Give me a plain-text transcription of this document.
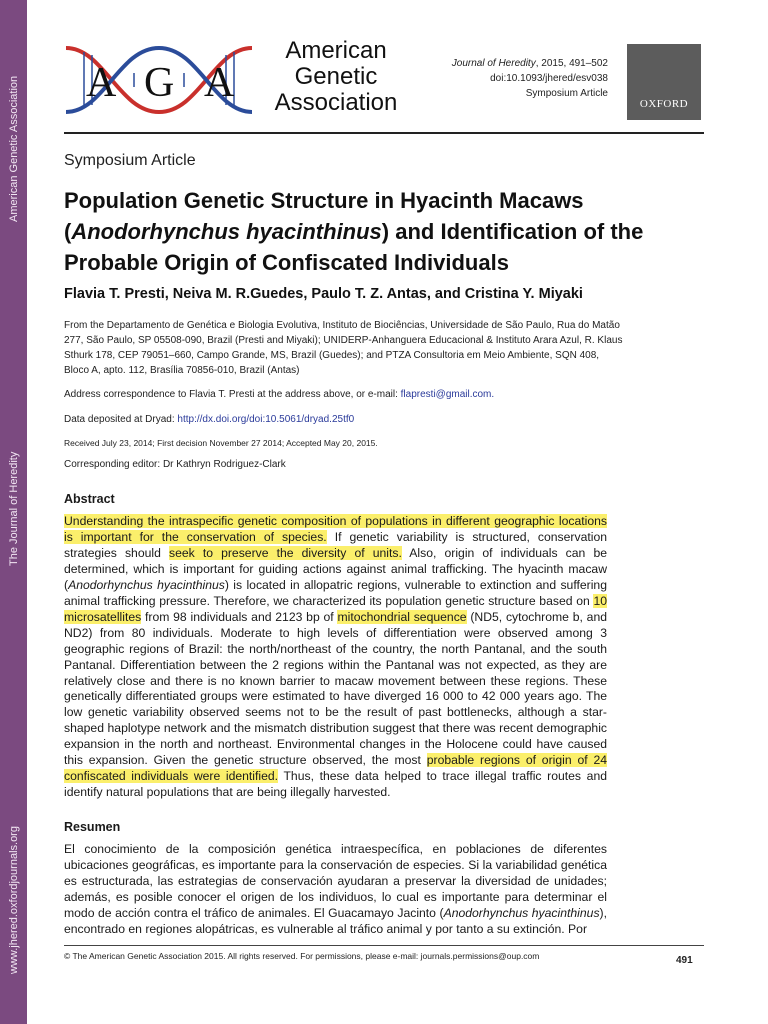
American Genetic Association
The Journal of Heredity
www.jhered.oxfordjournals.org
A G A
American
Genetic
Association
Journal of Heredity, 2015, 491–502
doi:10.1093/jhered/esv038
Symposium Article
OXFORD
Symposium Article
Population Genetic Structure in Hyacinth Macaws (Anodorhynchus hyacinthinus) and Identification of the Probable Origin of Confiscated Individuals
Flavia T. Presti, Neiva M. R.Guedes, Paulo T. Z. Antas, and Cristina Y. Miyaki
From the Departamento de Genética e Biologia Evolutiva, Instituto de Biociências, Universidade de São Paulo, Rua do Matão 277, São Paulo, SP 05508-090, Brazil (Presti and Miyaki); UNIDERP-Anhanguera Educacional & Instituto Arara Azul, R. Klaus Sthurk 178, CEP 79051–660, Campo Grande, MS, Brazil (Guedes); and PTZA Consultoria em Meio Ambiente, SQN 408, Bloco A, apto. 112, Brasília 70856-010, Brazil (Antas)
Address correspondence to Flavia T. Presti at the address above, or e-mail: flapresti@gmail.com.
Data deposited at Dryad: http://dx.doi.org/doi:10.5061/dryad.25tf0
Received July 23, 2014; First decision November 27 2014; Accepted May 20, 2015.
Corresponding editor: Dr Kathryn Rodriguez-Clark
Abstract
Understanding the intraspecific genetic composition of populations in different geographic locations is important for the conservation of species. If genetic variability is structured, conservation strategies should seek to preserve the diversity of units. Also, origin of individuals can be determined, which is important for guiding actions against animal trafficking. The hyacinth macaw (Anodorhynchus hyacinthinus) is located in allopatric regions, vulnerable to extinction and suffering animal trafficking pressure. Therefore, we characterized its population genetic structure based on 10 microsatellites from 98 individuals and 2123 bp of mitochondrial sequence (ND5, cytochrome b, and ND2) from 80 individuals. Moderate to high levels of differentiation were observed among 3 geographic regions of Brazil: the north/northeast of the country, the north Pantanal, and the south Pantanal. Differentiation between the 2 regions within the Pantanal was not expected, as they are relatively close and there is no known barrier to macaw movement between these regions. These genetically differentiated groups were estimated to have diverged 16 000 to 42 000 years ago. The low genetic variability observed seems not to be the result of past bottlenecks, although a star-shaped haplotype network and the mismatch distribution suggest that there was recent demographic expansion in the north and northeast. Environmental changes in the Holocene could have caused this expansion. Given the genetic structure observed, the most probable regions of origin of 24 confiscated individuals were identified. Thus, these data helped to trace illegal traffic routes and identify natural populations that are being illegally harvested.
Resumen
El conocimiento de la composición genética intraespecífica, en poblaciones de diferentes ubicaciones geográficas, es importante para la conservación de especies. Si la variabilidad genética es estructurada, las estrategias de conservación ayudaran a preservar la diversidad de unidades; además, es posible conocer el origen de los individuos, lo cual es importante para determinar el modo de acción contra el tráfico de animales. El Guacamayo Jacinto (Anodorhynchus hyacinthinus), encontrado en regiones alopátricas, es vulnerable al tráfico animal y por tanto a su extinción. Por
© The American Genetic Association 2015. All rights reserved. For permissions, please e-mail: journals.permissions@oup.com	491
